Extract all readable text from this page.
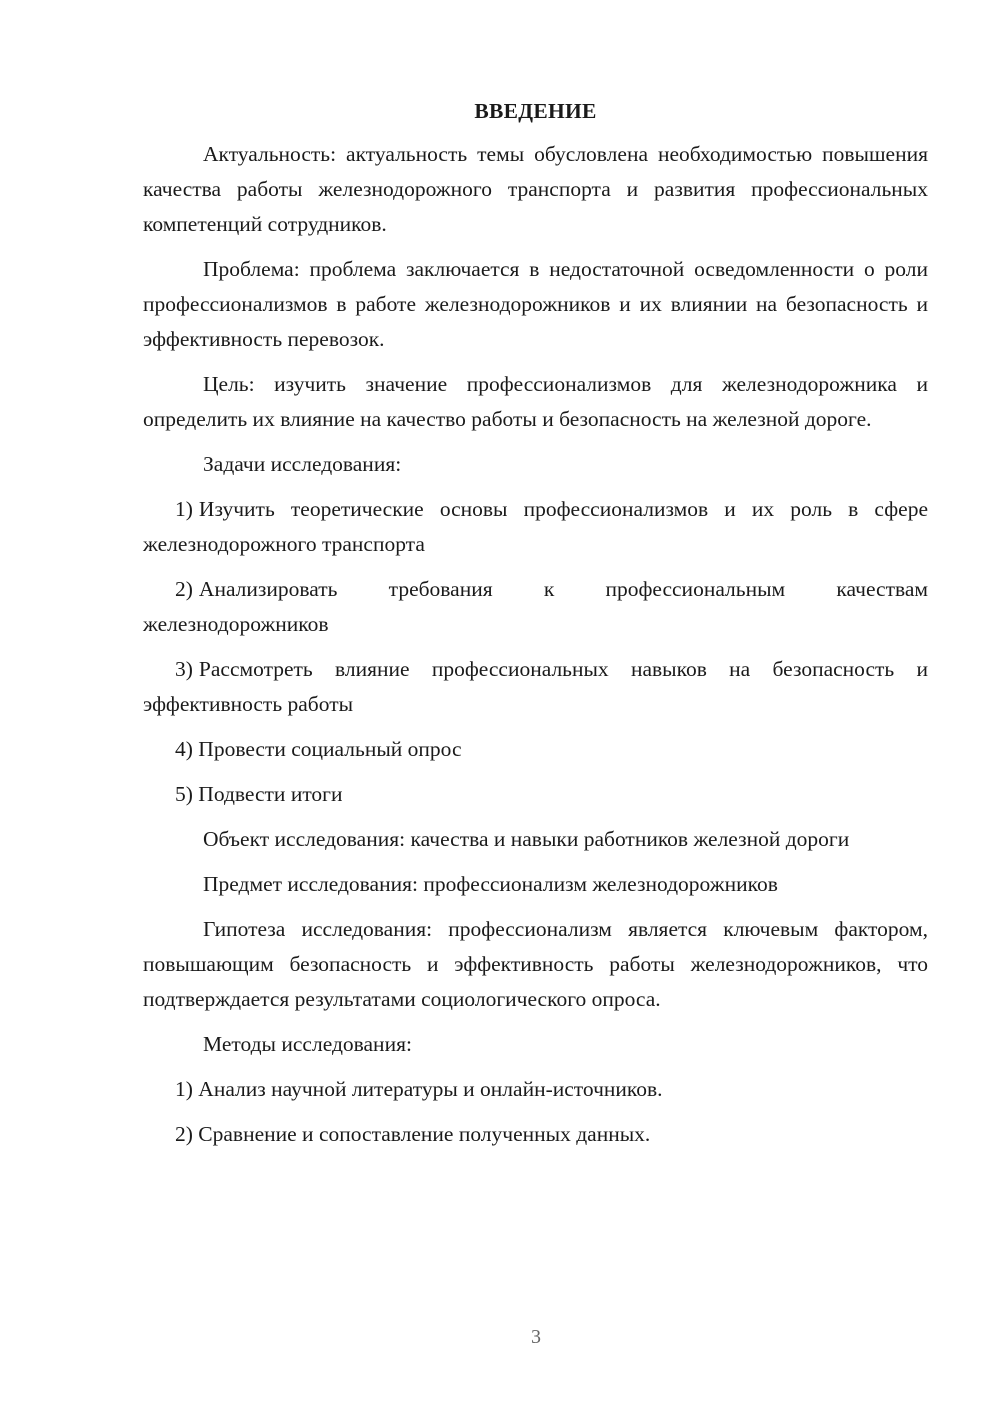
ВВЕДЕНИЕ

Актуальность: актуальность темы обусловлена необходимостью повышения качества работы железнодорожного транспорта и развития профессиональных компетенций сотрудников.

Проблема: проблема заключается в недостаточной осведомленности о роли профессионализмов в работе железнодорожников и их влиянии на безопасность и эффективность перевозок.

Цель: изучить значение профессионализмов для железнодорожника и определить их влияние на качество работы и безопасность на железной дороге.

Задачи исследования:

1) Изучить теоретические основы профессионализмов и их роль в сфере железнодорожного транспорта

2) Анализировать требования к профессиональным качествам железнодорожников

3) Рассмотреть влияние профессиональных навыков на безопасность и эффективность работы

4) Провести социальный опрос

5) Подвести итоги

Объект исследования: качества и навыки работников железной дороги

Предмет исследования: профессионализм железнодорожников

Гипотеза исследования: профессионализм является ключевым фактором, повышающим безопасность и эффективность работы железнодорожников, что подтверждается результатами социологического опроса.

Методы исследования:

1) Анализ научной литературы и онлайн-источников.

2) Сравнение и сопоставление полученных данных.

3
